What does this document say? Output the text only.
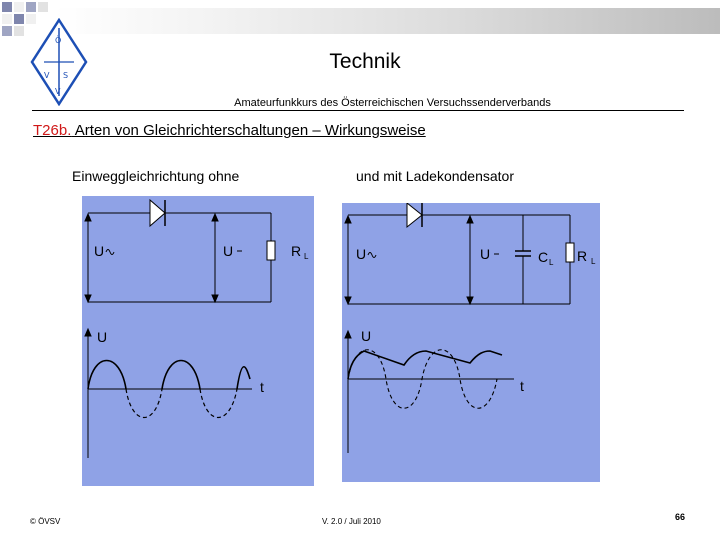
Ö
V S
V
Technik
Amateurfunkkurs des Österreichischen Versuchssenderverbands
T26b. Arten von Gleichrichterschaltungen – Wirkungsweise
Einweggleichrichtung ohne	und mit Ladekondensator
U	U	R L
U
t
U	U	C L R L
U
t
© ÖVSV	V. 2.0 / Juli 2010	66
